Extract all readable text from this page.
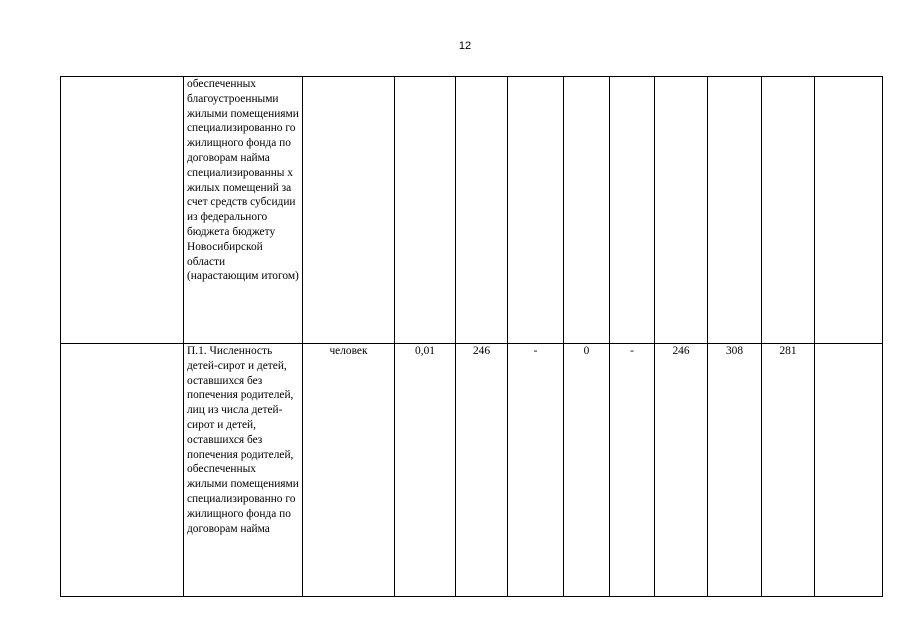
12
	обеспеченных благоустроенными жилыми помещениями специализированно го жилищного фонда по договорам найма специализированны х жилых помещений за счет средств субсидии из федерального бюджета бюджету Новосибирской области (нарастающим итогом)										
	П.1. Численность детей-сирот и детей, оставшихся без попечения родителей, лиц из числа детей-сирот и детей, оставшихся без попечения родителей, обеспеченных жилыми помещениями специализированно го жилищного фонда по договорам найма	человек	0,01	246	-	0	-	246	308	281	
